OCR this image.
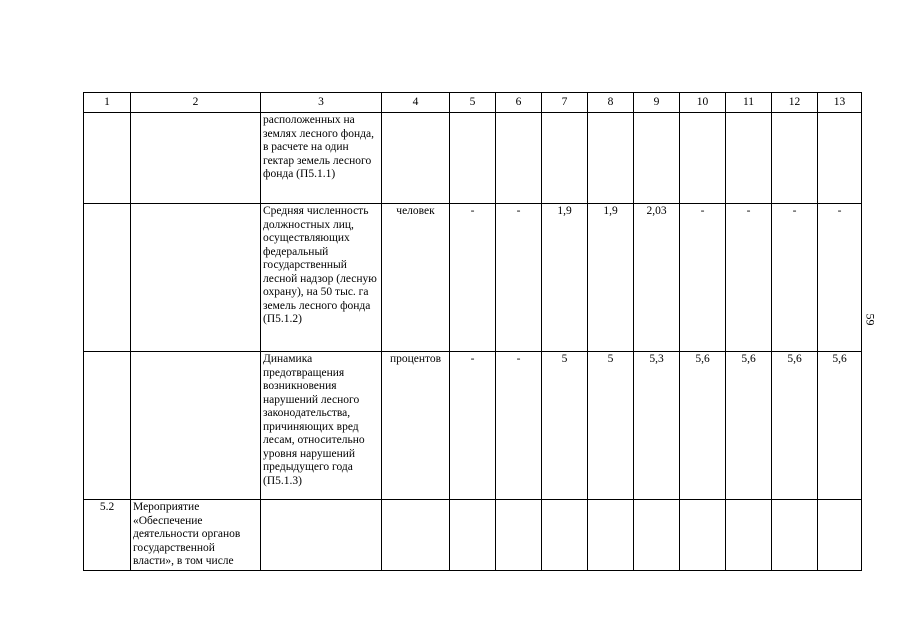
1	2	3	4	5	6	7	8	9	10	11	12	13
		расположенных на землях лесного фонда, в расчете на один гектар земель лесного фонда (П5.1.1)										
		Средняя численность должностных лиц, осуществляющих федеральный государственный лесной надзор (лесную охрану), на 50 тыс. га земель лесного фонда (П5.1.2)	человек	-	-	1,9	1,9	2,03	-	-	-	-
		Динамика предотвращения возникновения нарушений лесного законодательства, причиняющих вред лесам, относительно уровня нарушений предыдущего года (П5.1.3)	процентов	-	-	5	5	5,3	5,6	5,6	5,6	5,6
5.2	Мероприятие «Обеспечение деятельности органов государственной власти», в том числе											
59
